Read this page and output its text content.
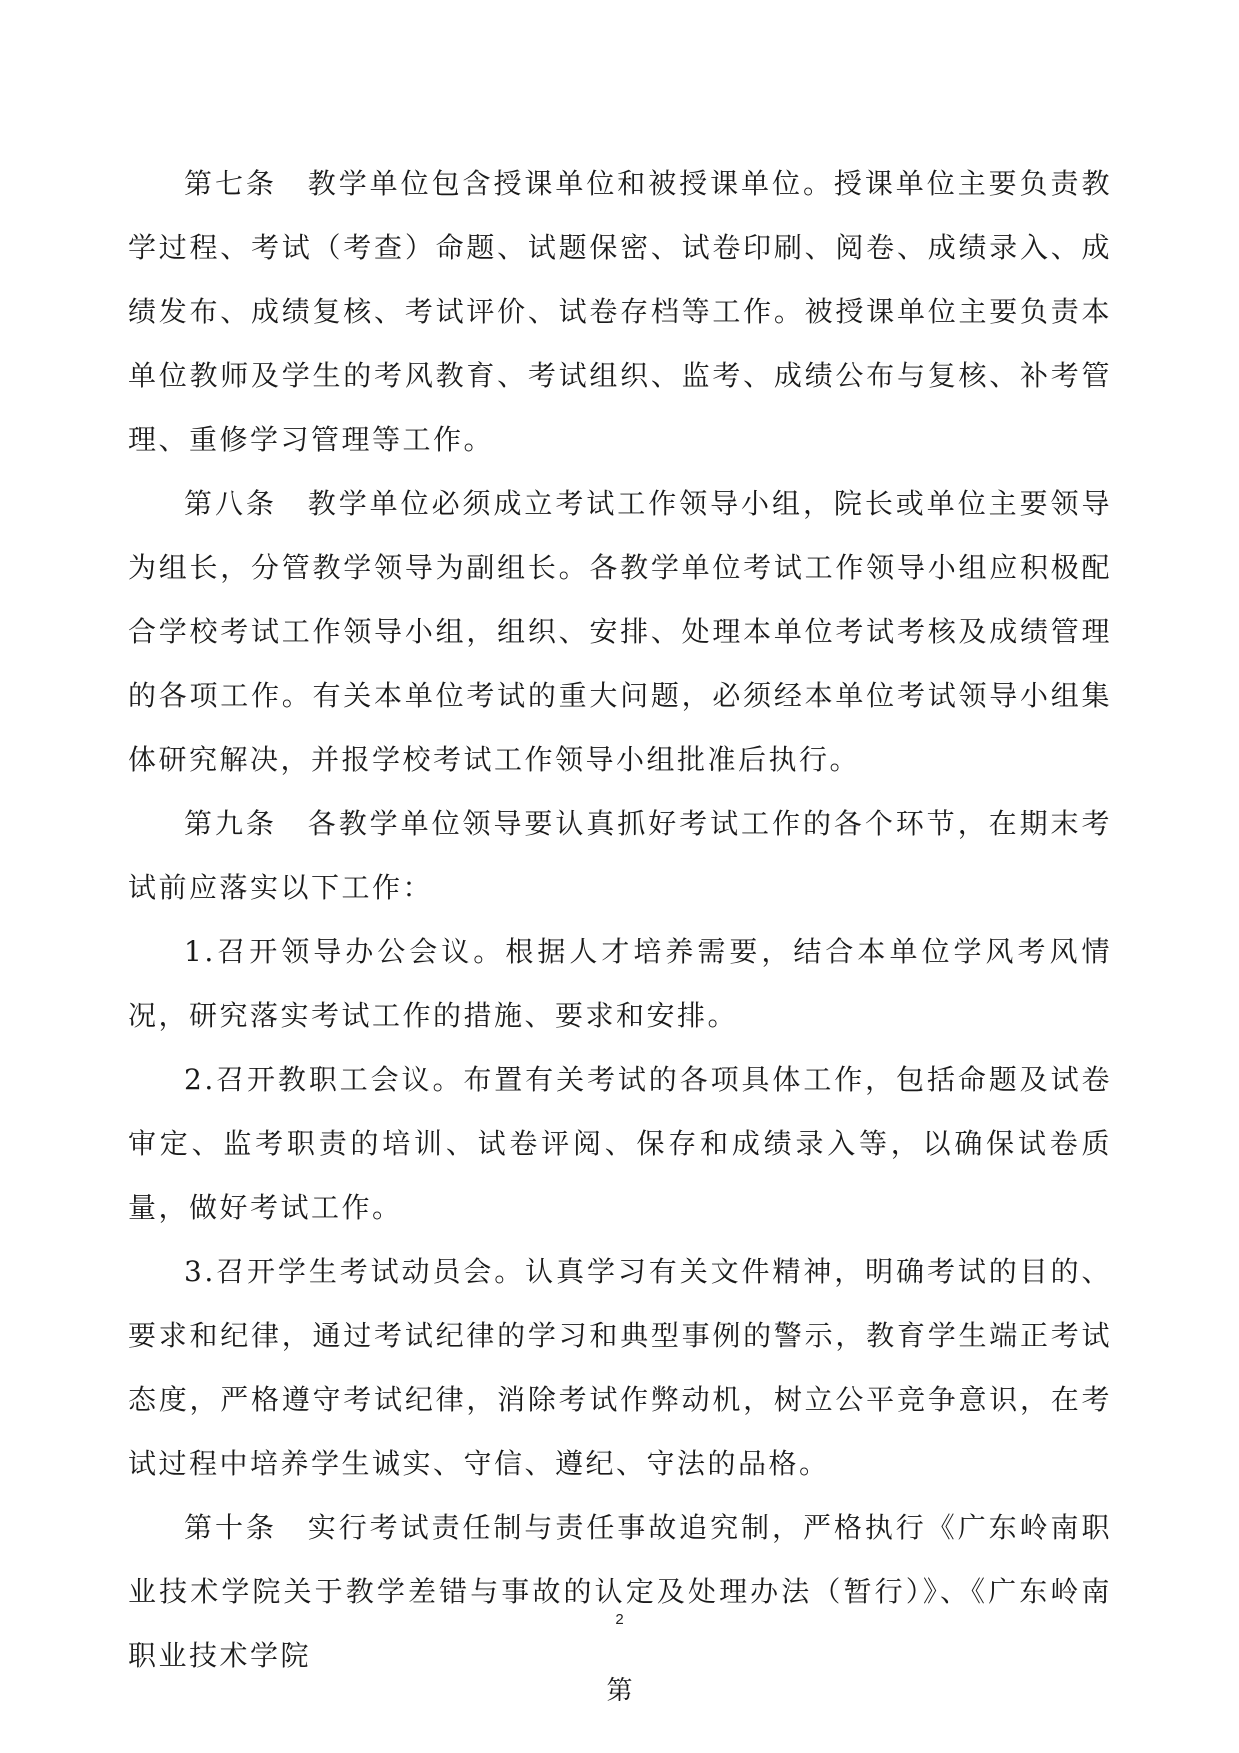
第七条　教学单位包含授课单位和被授课单位。授课单位主要负责教学过程、考试（考查）命题、试题保密、试卷印刷、阅卷、成绩录入、成绩发布、成绩复核、考试评价、试卷存档等工作。被授课单位主要负责本单位教师及学生的考风教育、考试组织、监考、成绩公布与复核、补考管理、重修学习管理等工作。

第八条　教学单位必须成立考试工作领导小组，院长或单位主要领导为组长，分管教学领导为副组长。各教学单位考试工作领导小组应积极配合学校考试工作领导小组，组织、安排、处理本单位考试考核及成绩管理的各项工作。有关本单位考试的重大问题，必须经本单位考试领导小组集体研究解决，并报学校考试工作领导小组批准后执行。

第九条　各教学单位领导要认真抓好考试工作的各个环节，在期末考试前应落实以下工作：

1.召开领导办公会议。根据人才培养需要，结合本单位学风考风情况，研究落实考试工作的措施、要求和安排。

2.召开教职工会议。布置有关考试的各项具体工作，包括命题及试卷审定、监考职责的培训、试卷评阅、保存和成绩录入等，以确保试卷质量，做好考试工作。

3.召开学生考试动员会。认真学习有关文件精神，明确考试的目的、要求和纪律，通过考试纪律的学习和典型事例的警示，教育学生端正考试态度，严格遵守考试纪律，消除考试作弊动机，树立公平竞争意识，在考试过程中培养学生诚实、守信、遵纪、守法的品格。

第十条　实行考试责任制与责任事故追究制，严格执行《广东岭南职业技术学院关于教学差错与事故的认定及处理办法（暂行）》、《广东岭南职业技术学院

2
第
